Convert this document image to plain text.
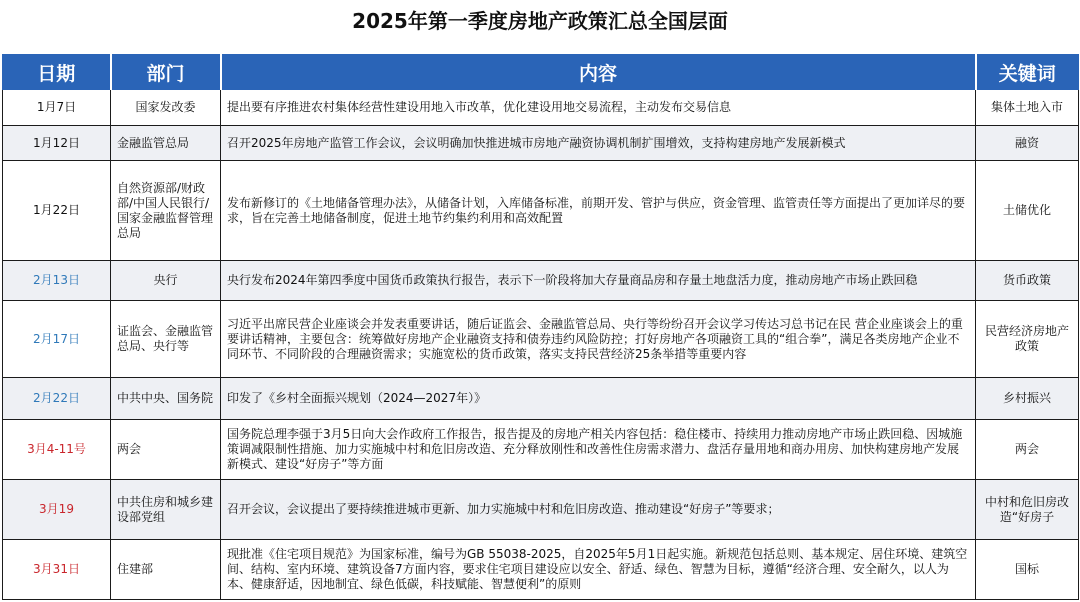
2025年第一季度房地产政策汇总全国层面
日期	部门	内容	关键词
1月7日	国家发改委	提出要有序推进农村集体经营性建设用地入市改革，优化建设用地交易流程，主动发布交易信息	集体土地入市
1月12日	金融监管总局	召开2025年房地产监管工作会议，会议明确加快推进城市房地产融资协调机制扩围增效，支持构建房地产发展新模式	融资
1月22日	自然资源部/财政部/中国人民银行/国家金融监督管理总局	发布新修订的《土地储备管理办法》，从储备计划，入库储备标准，前期开发、管护与供应，资金管理、监管责任等方面提出了更加详尽的要求，旨在完善土地储备制度，促进土地节约集约利用和高效配置	土储优化
2月13日	央行	央行发布2024年第四季度中国货币政策执行报告，表示下一阶段将加大存量商品房和存量土地盘活力度，推动房地产市场止跌回稳	货币政策
2月17日	证监会、金融监管总局、央行等	习近平出席民营企业座谈会并发表重要讲话，随后证监会、金融监管总局、央行等纷纷召开会议学习传达习总书记在民 营企业座谈会上的重要讲话精神，主要包含：统筹做好房地产企业融资支持和债券违约风险防控；打好房地产各项融资工具的“组合拳”，满足各类房地产企业不同环节、不同阶段的合理融资需求；实施宽松的货币政策，落实支持民营经济25条举措等重要内容	民营经济房地产政策
2月22日	中共中央、国务院	印发了《乡村全面振兴规划（2024—2027年）》	乡村振兴
3月4-11号	两会	国务院总理李强于3月5日向大会作政府工作报告，报告提及的房地产相关内容包括：稳住楼市、持续用力推动房地产市场止跌回稳、因城施策调减限制性措施、加力实施城中村和危旧房改造、充分释放刚性和改善性住房需求潜力、盘活存量用地和商办用房、加快构建房地产发展新模式、建设“好房子”等方面	两会
3月19	中共住房和城乡建设部党组	召开会议，会议提出了要持续推进城市更新、加力实施城中村和危旧房改造、推动建设“好房子”等要求；	中村和危旧房改造“好房子
3月31日	住建部	现批准《住宅项目规范》为国家标准，编号为GB 55038-2025，自2025年5月1日起实施。新规范包括总则、基本规定、居住环境、建筑空间、结构、室内环境、建筑设备7方面内容，要求住宅项目建设应以安全、舒适、绿色、智慧为目标，遵循“经济合理、安全耐久，以人为本、健康舒适，因地制宜、绿色低碳，科技赋能、智慧便利”的原则	国标
